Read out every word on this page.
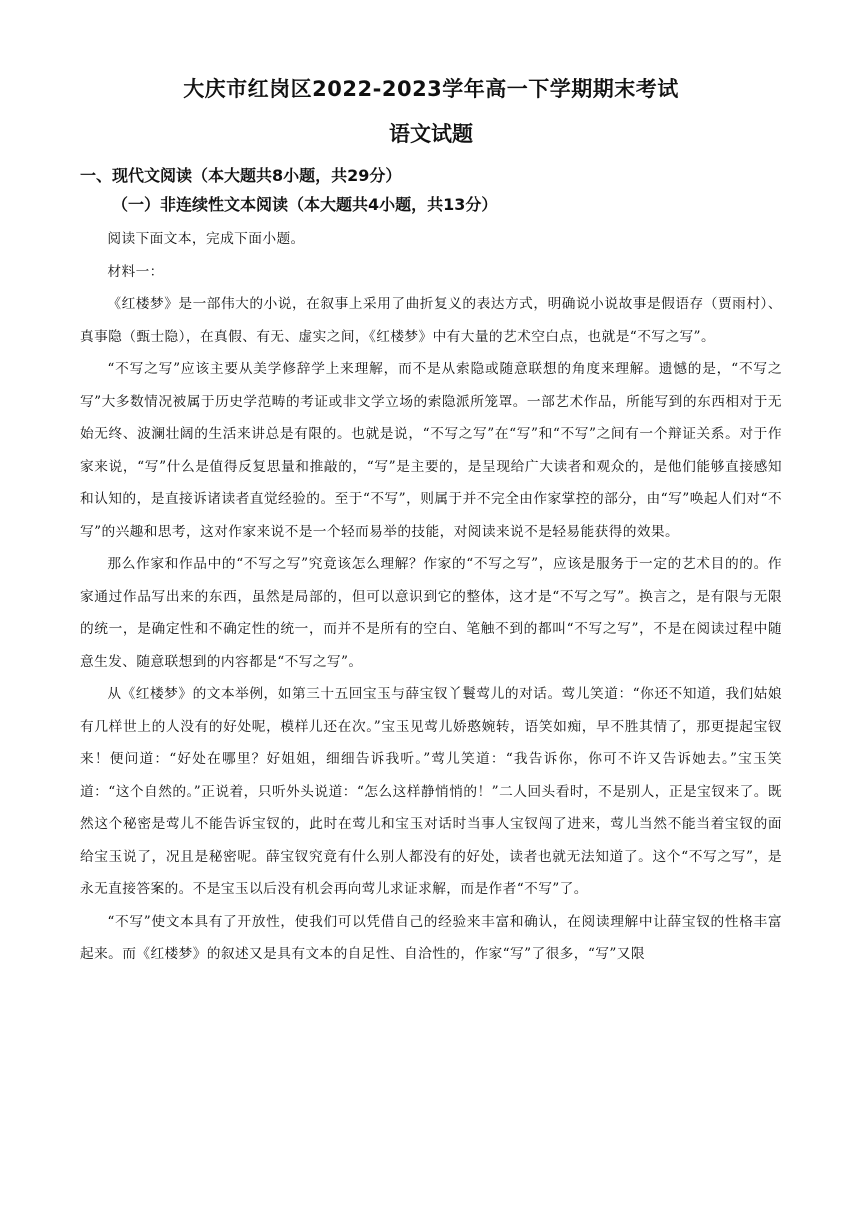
大庆市红岗区2022-2023学年高一下学期期末考试
语文试题
一、现代文阅读（本大题共8小题，共29分）
（一）非连续性文本阅读（本大题共4小题，共13分）

阅读下面文本，完成下面小题。

材料一：

《红楼梦》是一部伟大的小说，在叙事上采用了曲折复义的表达方式，明确说小说故事是假语存（贾雨村）、真事隐（甄士隐），在真假、有无、虚实之间，《红楼梦》中有大量的艺术空白点，也就是“不写之写”。

“不写之写”应该主要从美学修辞学上来理解，而不是从索隐或随意联想的角度来理解。遗憾的是，“不写之写”大多数情况被属于历史学范畴的考证或非文学立场的索隐派所笼罩。一部艺术作品，所能写到的东西相对于无始无终、波澜壮阔的生活来讲总是有限的。也就是说，“不写之写”在“写”和“不写”之间有一个辩证关系。对于作家来说，“写”什么是值得反复思量和推敲的，“写”是主要的，是呈现给广大读者和观众的，是他们能够直接感知和认知的，是直接诉诸读者直觉经验的。至于“不写”，则属于并不完全由作家掌控的部分，由“写”唤起人们对“不写”的兴趣和思考，这对作家来说不是一个轻而易举的技能，对阅读来说不是轻易能获得的效果。

那么作家和作品中的“不写之写”究竟该怎么理解？作家的“不写之写”，应该是服务于一定的艺术目的的。作家通过作品写出来的东西，虽然是局部的，但可以意识到它的整体，这才是“不写之写”。换言之，是有限与无限的统一，是确定性和不确定性的统一，而并不是所有的空白、笔触不到的都叫“不写之写”，不是在阅读过程中随意生发、随意联想到的内容都是“不写之写”。

从《红楼梦》的文本举例，如第三十五回宝玉与薛宝钗丫鬟莺儿的对话。莺儿笑道：“你还不知道，我们姑娘有几样世上的人没有的好处呢，模样儿还在次。”宝玉见莺儿娇憨婉转，语笑如痴，早不胜其情了，那更提起宝钗来！便问道：“好处在哪里？好姐姐，细细告诉我听。”莺儿笑道：“我告诉你，你可不许又告诉她去。”宝玉笑道：“这个自然的。”正说着，只听外头说道：“怎么这样静悄悄的！”二人回头看时，不是别人，正是宝钗来了。既然这个秘密是莺儿不能告诉宝钗的，此时在莺儿和宝玉对话时当事人宝钗闯了进来，莺儿当然不能当着宝钗的面给宝玉说了，况且是秘密呢。薛宝钗究竟有什么别人都没有的好处，读者也就无法知道了。这个“不写之写”，是永无直接答案的。不是宝玉以后没有机会再向莺儿求证求解，而是作者“不写”了。

“不写”使文本具有了开放性，使我们可以凭借自己的经验来丰富和确认，在阅读理解中让薛宝钗的性格丰富起来。而《红楼梦》的叙述又是具有文本的自足性、自洽性的，作家“写”了很多，“写”又限
